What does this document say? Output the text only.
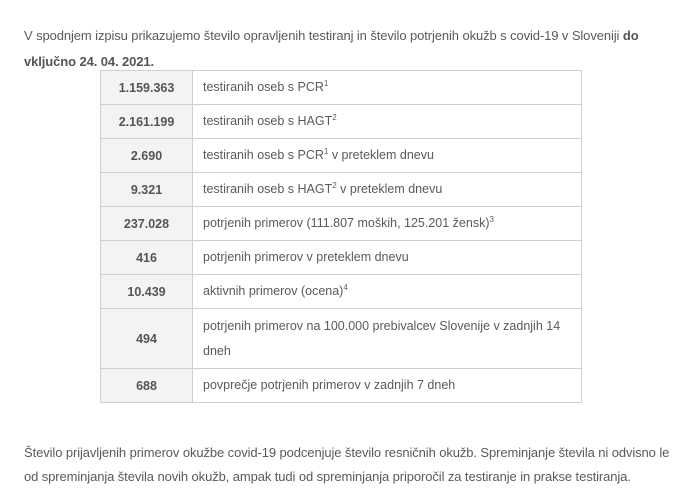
V spodnjem izpisu prikazujemo število opravljenih testiranj in število potrjenih okužb s covid-19 v Sloveniji do vključno 24. 04. 2021.

1.159.363	testiranih oseb s PCR$^1$
2.161.199	testiranih oseb s HAGT$^2$
2.690	testiranih oseb s PCR$^1$ v preteklem dnevu
9.321	testiranih oseb s HAGT$^2$ v preteklem dnevu
237.028	potrjenih primerov (111.807 moških, 125.201 žensk)$^3$
416	potrjenih primerov v preteklem dnevu
10.439	aktivnih primerov (ocena)$^4$
494	potrjenih primerov na 100.000 prebivalcev Slovenije v zadnjih 14 dneh
688	povprečje potrjenih primerov v zadnjih 7 dneh

Število prijavljenih primerov okužbe covid-19 podcenjuje število resničnih okužb. Spreminjanje števila ni odvisno le od spreminjanja števila novih okužb, ampak tudi od spreminjanja priporočil za testiranje in prakse testiranja.
